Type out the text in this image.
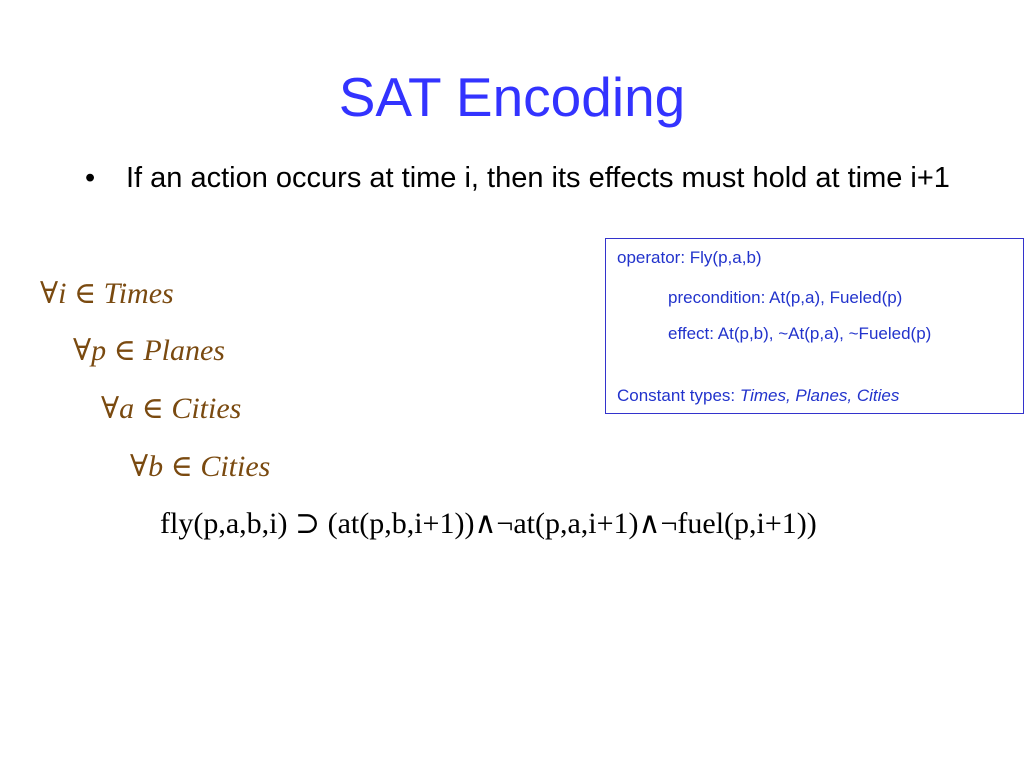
SAT Encoding
• If an action occurs at time i, then its effects must hold at time i+1
operator: Fly(p,a,b)
precondition: At(p,a), Fueled(p)
effect: At(p,b), ~At(p,a), ~Fueled(p)
Constant types: Times, Planes, Cities
∀i ∈ Times
∀p ∈ Planes
∀a ∈ Cities
∀b ∈ Cities
fly(p,a,b,i) ⊃ (at(p,b,i+1))∧¬at(p,a,i+1)∧¬fuel(p,i+1))
